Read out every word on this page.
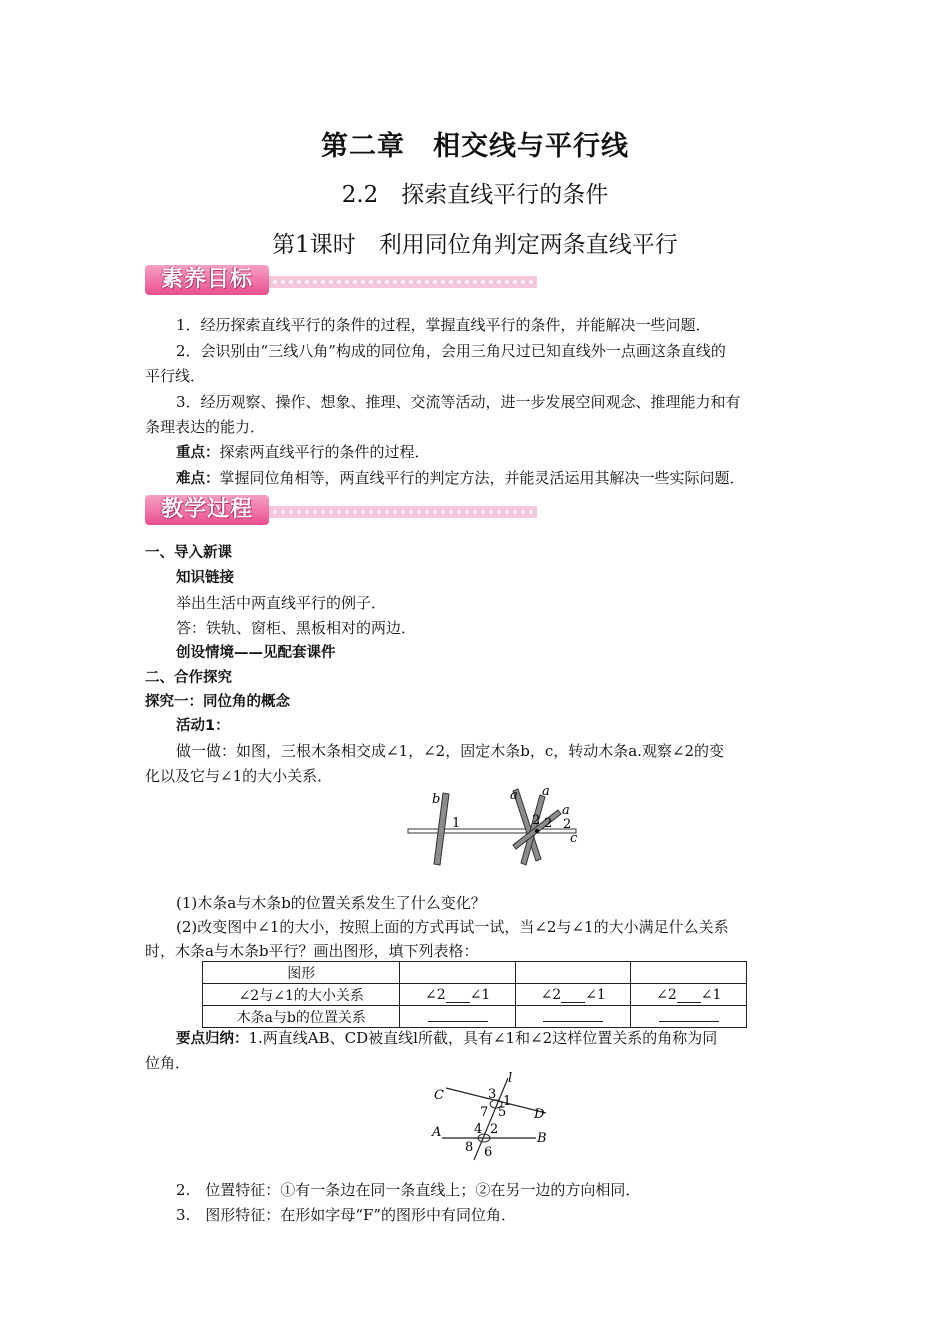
第二章　相交线与平行线
2.2　探索直线平行的条件
第1课时　利用同位角判定两条直线平行
素养目标
1．经历探索直线平行的条件的过程，掌握直线平行的条件，并能解决一些问题．
2．会识别由“三线八角”构成的同位角，会用三角尺过已知直线外一点画这条直线的
平行线．
3．经历观察、操作、想象、推理、交流等活动，进一步发展空间观念、推理能力和有
条理表达的能力．
重点：探索两直线平行的条件的过程．
难点：掌握同位角相等，两直线平行的判定方法，并能灵活运用其解决一些实际问题．
教学过程
一、导入新课
知识链接
举出生活中两直线平行的例子．
答：铁轨、窗柜、黑板相对的两边．
创设情境——见配套课件
二、合作探究
探究一：同位角的概念
活动1：
做一做：如图，三根木条相交成∠1，∠2，固定木条b，c，转动木条a.观察∠2的变
化以及它与∠1的大小关系．
b
1
a a
a
2 2 2
c
(1)木条a与木条b的位置关系发生了什么变化？
(2)改变图中∠1的大小，按照上面的方式再试一试，当∠2与∠1的大小满足什么关系
时，木条a与木条b平行？画出图形，填下列表格：
图形			
∠2与∠1的大小关系	∠2 ∠1	∠2 ∠1	∠2 ∠1
木条a与b的位置关系			
要点归纳：1.两直线AB、CD被直线l所截，具有∠1和∠2这样位置关系的角称为同
位角．
l
C
D
A	B
3 1
7 5
4 2
8 6
2.　位置特征：①有一条边在同一条直线上；②在另一边的方向相同．
3.　图形特征：在形如字母“F”的图形中有同位角．
